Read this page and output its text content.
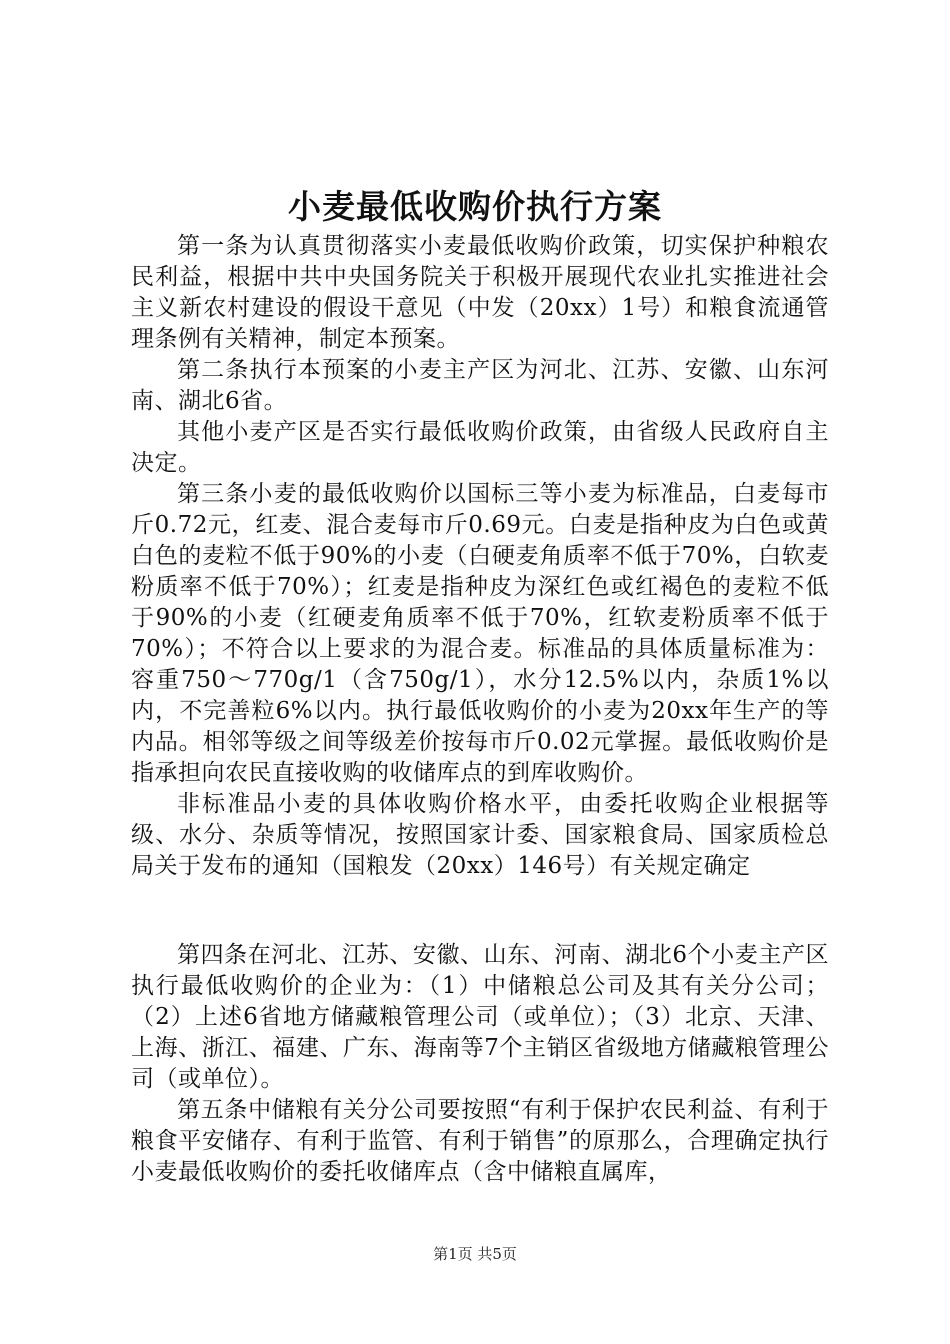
小麦最低收购价执行方案

第一条为认真贯彻落实小麦最低收购价政策，切实保护种粮农民利益，根据中共中央国务院关于积极开展现代农业扎实推进社会主义新农村建设的假设干意见（中发（20xx）1号）和粮食流通管理条例有关精神，制定本预案。

第二条执行本预案的小麦主产区为河北、江苏、安徽、山东河南、湖北6省。

其他小麦产区是否实行最低收购价政策，由省级人民政府自主决定。

第三条小麦的最低收购价以国标三等小麦为标准品，白麦每市斤0.72元，红麦、混合麦每市斤0.69元。白麦是指种皮为白色或黄白色的麦粒不低于90%的小麦（白硬麦角质率不低于70%，白软麦粉质率不低于70%）；红麦是指种皮为深红色或红褐色的麦粒不低于90%的小麦（红硬麦角质率不低于70%，红软麦粉质率不低于70%）；不符合以上要求的为混合麦。标准品的具体质量标准为：容重750～770g/1（含750g/1），水分12.5%以内，杂质1%以内，不完善粒6%以内。执行最低收购价的小麦为20xx年生产的等内品。相邻等级之间等级差价按每市斤0.02元掌握。最低收购价是指承担向农民直接收购的收储库点的到库收购价。

非标准品小麦的具体收购价格水平，由委托收购企业根据等级、水分、杂质等情况，按照国家计委、国家粮食局、国家质检总局关于发布的通知（国粮发（20xx）146号）有关规定确定

第四条在河北、江苏、安徽、山东、河南、湖北6个小麦主产区执行最低收购价的企业为：（1）中储粮总公司及其有关分公司；（2）上述6省地方储藏粮管理公司（或单位）；（3）北京、天津、上海、浙江、福建、广东、海南等7个主销区省级地方储藏粮管理公司（或单位）。

第五条中储粮有关分公司要按照“有利于保护农民利益、有利于粮食平安储存、有利于监管、有利于销售”的原那么，合理确定执行小麦最低收购价的委托收储库点（含中储粮直属库，

第1页 共5页
